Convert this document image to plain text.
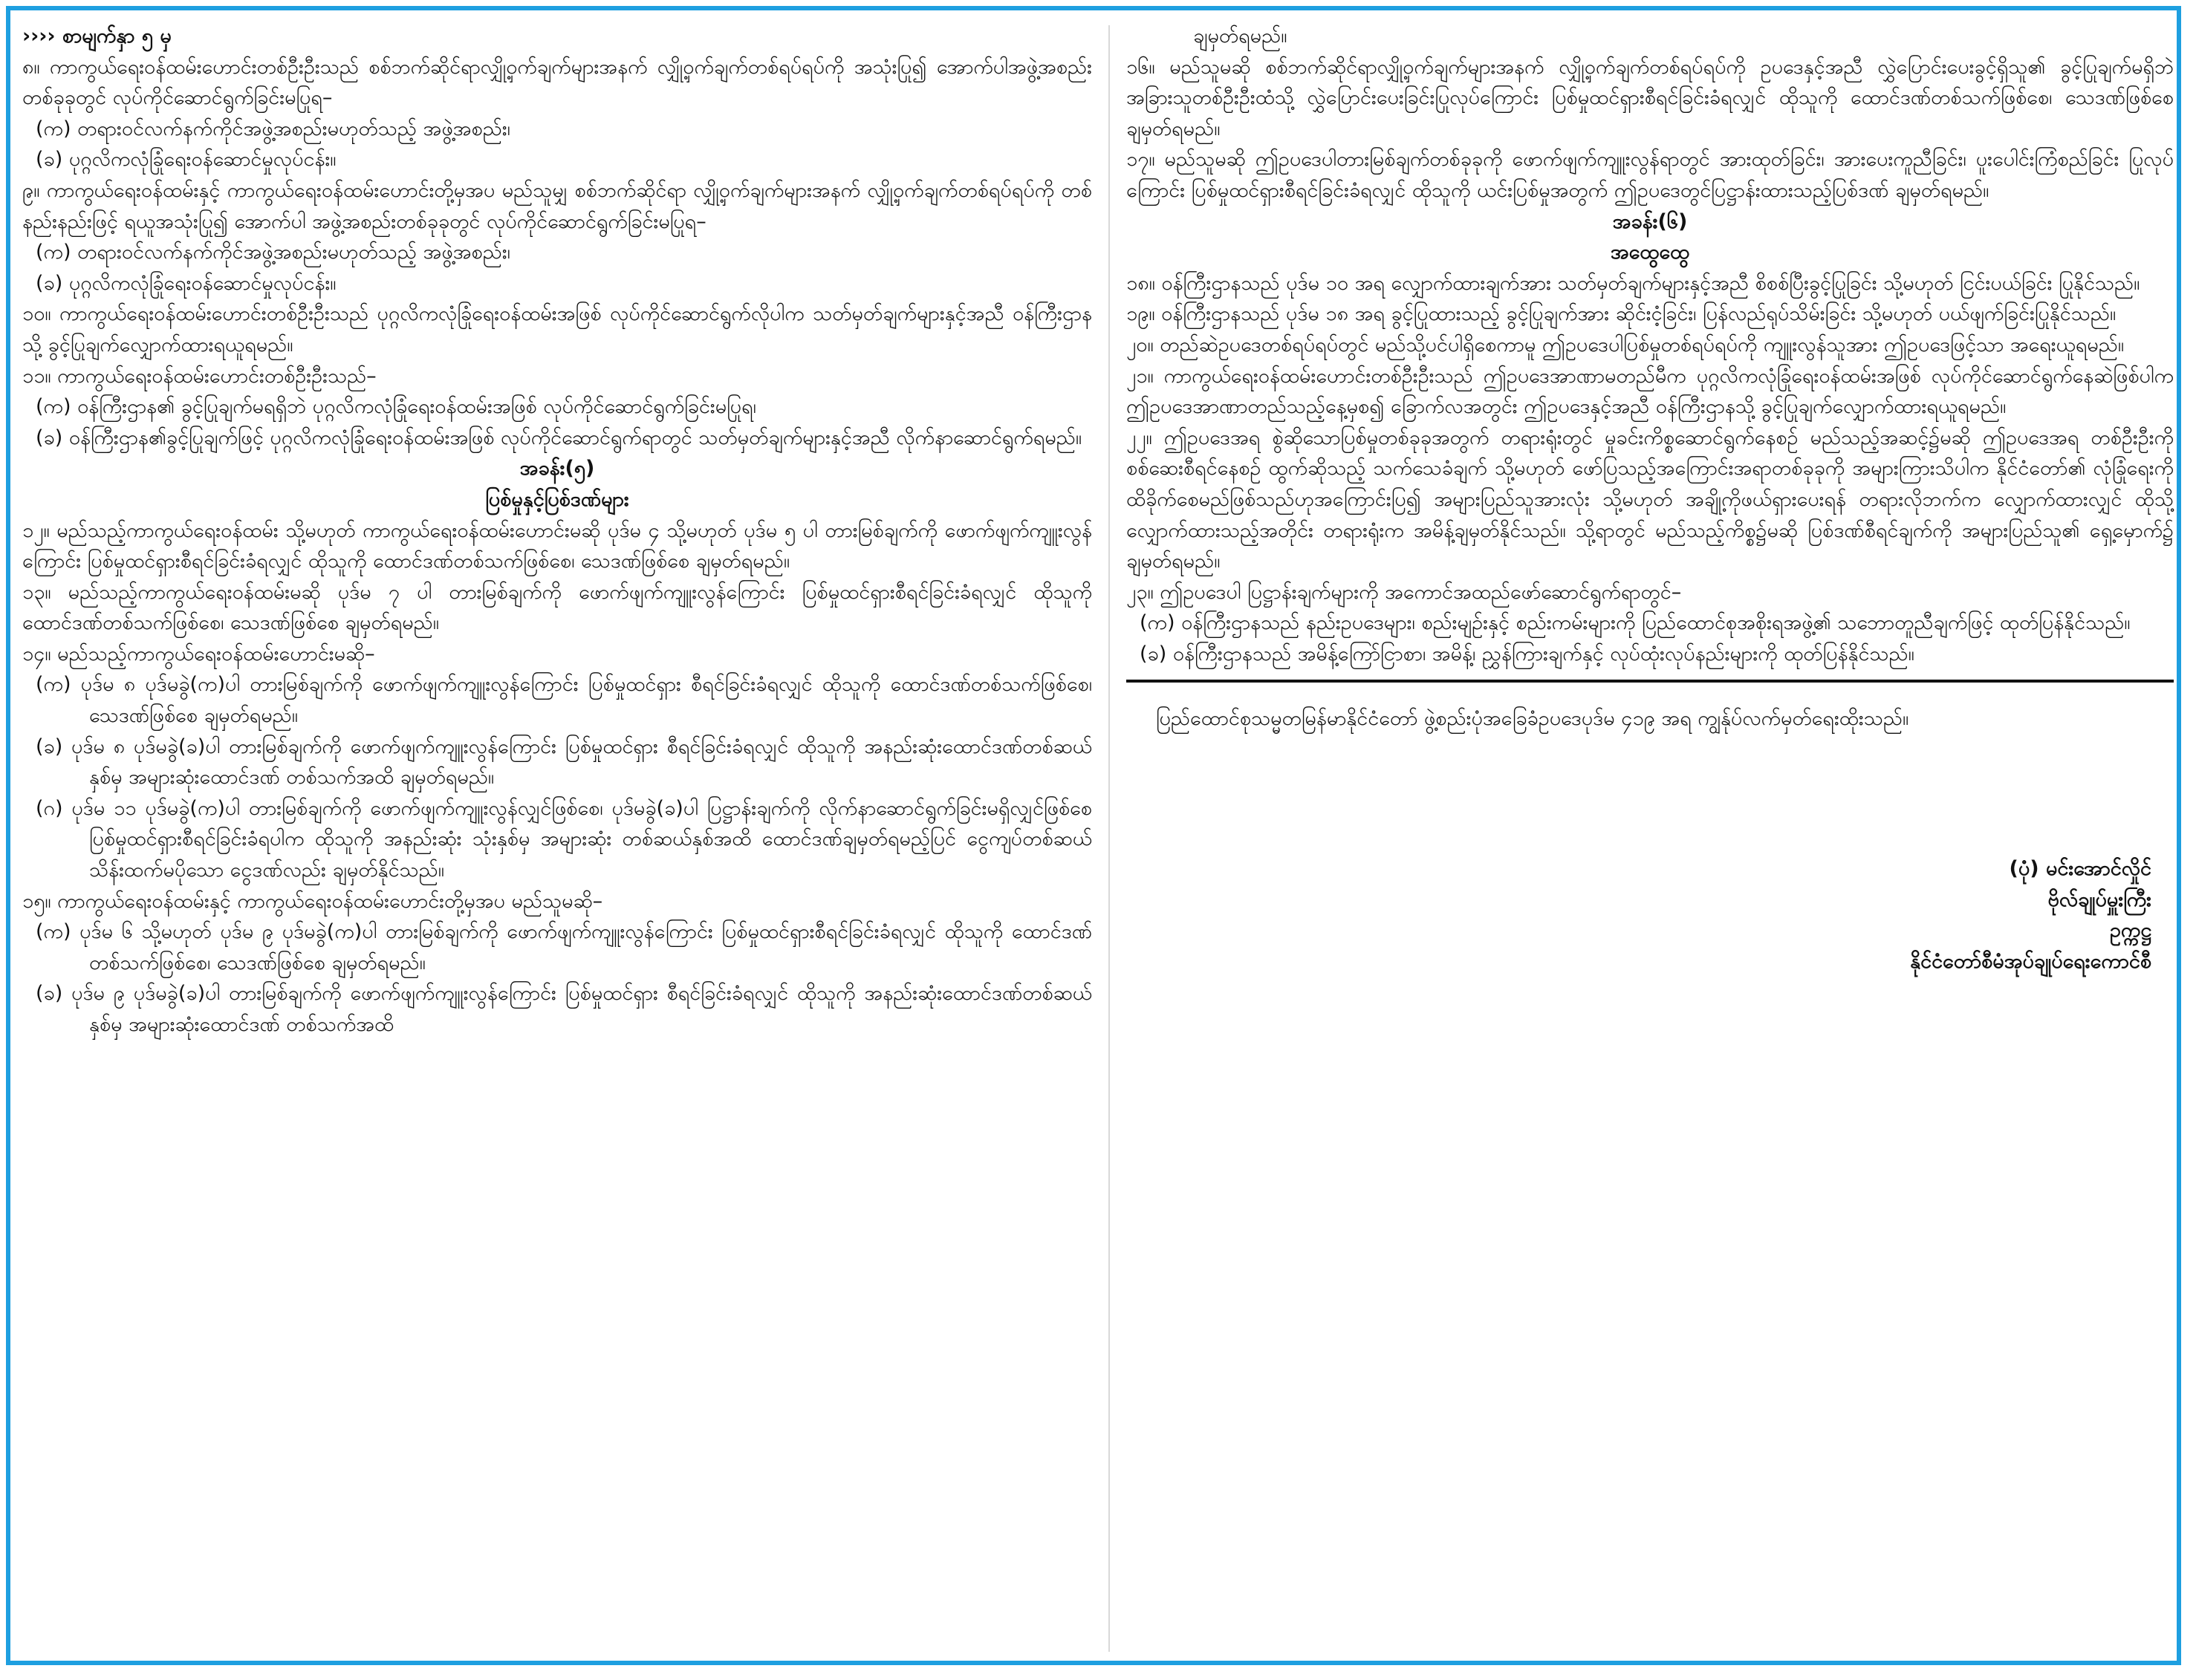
›››› စာမျက်နှာ ၅ မှ

၈။ ကာကွယ်ရေးဝန်ထမ်းဟောင်းတစ်ဦးဦးသည် စစ်ဘက်ဆိုင်ရာလျှို့ဝှက်ချက်များအနက် လျှို့ဝှက်ချက်တစ်ရပ်ရပ်ကို အသုံးပြု၍ အောက်ပါအဖွဲ့အစည်းတစ်ခုခုတွင် လုပ်ကိုင်ဆောင်ရွက်ခြင်းမပြုရ–

(က) တရားဝင်လက်နက်ကိုင်အဖွဲ့အစည်းမဟုတ်သည့် အဖွဲ့အစည်း၊

(ခ) ပုဂ္ဂလိကလုံခြုံရေးဝန်ဆောင်မှုလုပ်ငန်း။

၉။ ကာကွယ်ရေးဝန်ထမ်းနှင့် ကာကွယ်ရေးဝန်ထမ်းဟောင်းတို့မှအပ မည်သူမျှ စစ်ဘက်ဆိုင်ရာ လျှို့ဝှက်ချက်များအနက် လျှို့ဝှက်ချက်တစ်ရပ်ရပ်ကို တစ်နည်းနည်းဖြင့် ရယူအသုံးပြု၍ အောက်ပါ အဖွဲ့အစည်းတစ်ခုခုတွင် လုပ်ကိုင်ဆောင်ရွက်ခြင်းမပြုရ–

(က) တရားဝင်လက်နက်ကိုင်အဖွဲ့အစည်းမဟုတ်သည့် အဖွဲ့အစည်း၊

(ခ) ပုဂ္ဂလိကလုံခြုံရေးဝန်ဆောင်မှုလုပ်ငန်း။

၁၀။ ကာကွယ်ရေးဝန်ထမ်းဟောင်းတစ်ဦးဦးသည် ပုဂ္ဂလိကလုံခြုံရေးဝန်ထမ်းအဖြစ် လုပ်ကိုင်ဆောင်ရွက်လိုပါက သတ်မှတ်ချက်များနှင့်အညီ ဝန်ကြီးဌာနသို့ ခွင့်ပြုချက်လျှောက်ထားရယူရမည်။

၁၁။ ကာကွယ်ရေးဝန်ထမ်းဟောင်းတစ်ဦးဦးသည်–

(က) ဝန်ကြီးဌာန၏ ခွင့်ပြုချက်မရရှိဘဲ ပုဂ္ဂလိကလုံခြုံရေးဝန်ထမ်းအဖြစ် လုပ်ကိုင်ဆောင်ရွက်ခြင်းမပြုရ၊

(ခ) ဝန်ကြီးဌာန၏ခွင့်ပြုချက်ဖြင့် ပုဂ္ဂလိကလုံခြုံရေးဝန်ထမ်းအဖြစ် လုပ်ကိုင်ဆောင်ရွက်ရာတွင် သတ်မှတ်ချက်များနှင့်အညီ လိုက်နာဆောင်ရွက်ရမည်။

အခန်း(၅)

ပြစ်မှုနှင့်ပြစ်ဒဏ်များ

၁၂။ မည်သည့်ကာကွယ်ရေးဝန်ထမ်း သို့မဟုတ် ကာကွယ်ရေးဝန်ထမ်းဟောင်းမဆို ပုဒ်မ ၄ သို့မဟုတ် ပုဒ်မ ၅ ပါ တားမြစ်ချက်ကို ဖောက်ဖျက်ကျူးလွန်ကြောင်း ပြစ်မှုထင်ရှားစီရင်ခြင်းခံရလျှင် ထိုသူကို ထောင်ဒဏ်တစ်သက်ဖြစ်စေ၊ သေဒဏ်ဖြစ်စေ ချမှတ်ရမည်။

၁၃။ မည်သည့်ကာကွယ်ရေးဝန်ထမ်းမဆို ပုဒ်မ ၇ ပါ တားမြစ်ချက်ကို ဖောက်ဖျက်ကျူးလွန်ကြောင်း ပြစ်မှုထင်ရှားစီရင်ခြင်းခံရလျှင် ထိုသူကို ထောင်ဒဏ်တစ်သက်ဖြစ်စေ၊ သေဒဏ်ဖြစ်စေ ချမှတ်ရမည်။

၁၄။ မည်သည့်ကာကွယ်ရေးဝန်ထမ်းဟောင်းမဆို–

(က) ပုဒ်မ ၈ ပုဒ်မခွဲ(က)ပါ တားမြစ်ချက်ကို ဖောက်ဖျက်ကျူးလွန်ကြောင်း ပြစ်မှုထင်ရှား စီရင်ခြင်းခံရလျှင် ထိုသူကို ထောင်ဒဏ်တစ်သက်ဖြစ်စေ၊ သေဒဏ်ဖြစ်စေ ချမှတ်ရမည်။

(ခ) ပုဒ်မ ၈ ပုဒ်မခွဲ(ခ)ပါ တားမြစ်ချက်ကို ဖောက်ဖျက်ကျူးလွန်ကြောင်း ပြစ်မှုထင်ရှား စီရင်ခြင်းခံရလျှင် ထိုသူကို အနည်းဆုံးထောင်ဒဏ်တစ်ဆယ်နှစ်မှ အများဆုံးထောင်ဒဏ် တစ်သက်အထိ ချမှတ်ရမည်။

(ဂ) ပုဒ်မ ၁၁ ပုဒ်မခွဲ(က)ပါ တားမြစ်ချက်ကို ဖောက်ဖျက်ကျူးလွန်လျှင်ဖြစ်စေ၊ ပုဒ်မခွဲ(ခ)ပါ ပြဋ္ဌာန်းချက်ကို လိုက်နာဆောင်ရွက်ခြင်းမရှိလျှင်ဖြစ်စေ ပြစ်မှုထင်ရှားစီရင်ခြင်းခံရပါက ထိုသူကို အနည်းဆုံး သုံးနှစ်မှ အများဆုံး တစ်ဆယ်နှစ်အထိ ထောင်ဒဏ်ချမှတ်ရမည့်ပြင် ငွေကျပ်တစ်ဆယ်သိန်းထက်မပိုသော ငွေဒဏ်လည်း ချမှတ်နိုင်သည်။

၁၅။ ကာကွယ်ရေးဝန်ထမ်းနှင့် ကာကွယ်ရေးဝန်ထမ်းဟောင်းတို့မှအပ မည်သူမဆို–

(က) ပုဒ်မ ၆ သို့မဟုတ် ပုဒ်မ ၉ ပုဒ်မခွဲ(က)ပါ တားမြစ်ချက်ကို ဖောက်ဖျက်ကျူးလွန်ကြောင်း ပြစ်မှုထင်ရှားစီရင်ခြင်းခံရလျှင် ထိုသူကို ထောင်ဒဏ်တစ်သက်ဖြစ်စေ၊ သေဒဏ်ဖြစ်စေ ချမှတ်ရမည်။

(ခ) ပုဒ်မ ၉ ပုဒ်မခွဲ(ခ)ပါ တားမြစ်ချက်ကို ဖောက်ဖျက်ကျူးလွန်ကြောင်း ပြစ်မှုထင်ရှား စီရင်ခြင်းခံရလျှင် ထိုသူကို အနည်းဆုံးထောင်ဒဏ်တစ်ဆယ်နှစ်မှ အများဆုံးထောင်ဒဏ် တစ်သက်အထိ

ချမှတ်ရမည်။

၁၆။ မည်သူမဆို စစ်ဘက်ဆိုင်ရာလျှို့ဝှက်ချက်များအနက် လျှို့ဝှက်ချက်တစ်ရပ်ရပ်ကို ဥပဒေနှင့်အညီ လွှဲပြောင်းပေးခွင့်ရှိသူ၏ ခွင့်ပြုချက်မရှိဘဲ အခြားသူတစ်ဦးဦးထံသို့ လွှဲပြောင်းပေးခြင်းပြုလုပ်ကြောင်း ပြစ်မှုထင်ရှားစီရင်ခြင်းခံရလျှင် ထိုသူကို ထောင်ဒဏ်တစ်သက်ဖြစ်စေ၊ သေဒဏ်ဖြစ်စေ ချမှတ်ရမည်။

၁၇။ မည်သူမဆို ဤဥပဒေပါတားမြစ်ချက်တစ်ခုခုကို ဖောက်ဖျက်ကျူးလွန်ရာတွင် အားထုတ်ခြင်း၊ အားပေးကူညီခြင်း၊ ပူးပေါင်းကြံစည်ခြင်း ပြုလုပ်ကြောင်း ပြစ်မှုထင်ရှားစီရင်ခြင်းခံရလျှင် ထိုသူကို ယင်းပြစ်မှုအတွက် ဤဥပဒေတွင်ပြဋ္ဌာန်းထားသည့်ပြစ်ဒဏ် ချမှတ်ရမည်။

အခန်း(၆)

အထွေထွေ

၁၈။ ဝန်ကြီးဌာနသည် ပုဒ်မ ၁၀ အရ လျှောက်ထားချက်အား သတ်မှတ်ချက်များနှင့်အညီ စိစစ်ပြီးခွင့်ပြုခြင်း သို့မဟုတ် ငြင်းပယ်ခြင်း ပြုနိုင်သည်။

၁၉။ ဝန်ကြီးဌာနသည် ပုဒ်မ ၁၈ အရ ခွင့်ပြုထားသည့် ခွင့်ပြုချက်အား ဆိုင်းငံ့ခြင်း၊ ပြန်လည်ရုပ်သိမ်းခြင်း သို့မဟုတ် ပယ်ဖျက်ခြင်းပြုနိုင်သည်။

၂၀။ တည်ဆဲဥပဒေတစ်ရပ်ရပ်တွင် မည်သို့ပင်ပါရှိစေကာမူ ဤဥပဒေပါပြစ်မှုတစ်ရပ်ရပ်ကို ကျူးလွန်သူအား ဤဥပဒေဖြင့်သာ အရေးယူရမည်။

၂၁။ ကာကွယ်ရေးဝန်ထမ်းဟောင်းတစ်ဦးဦးသည် ဤဥပဒေအာဏာမတည်မီက ပုဂ္ဂလိကလုံခြုံရေးဝန်ထမ်းအဖြစ် လုပ်ကိုင်ဆောင်ရွက်နေဆဲဖြစ်ပါက ဤဥပဒေအာဏာတည်သည့်နေ့မှစ၍ ခြောက်လအတွင်း ဤဥပဒေနှင့်အညီ ဝန်ကြီးဌာနသို့ ခွင့်ပြုချက်လျှောက်ထားရယူရမည်။

၂၂။ ဤဥပဒေအရ စွဲဆိုသောပြစ်မှုတစ်ခုခုအတွက် တရားရုံးတွင် မှုခင်းကိစ္စဆောင်ရွက်နေစဉ် မည်သည့်အဆင့်၌မဆို ဤဥပဒေအရ တစ်ဦးဦးကို စစ်ဆေးစီရင်နေစဉ် ထွက်ဆိုသည့် သက်သေခံချက် သို့မဟုတ် ဖော်ပြသည့်အကြောင်းအရာတစ်ခုခုကို အများကြားသိပါက နိုင်ငံတော်၏ လုံခြုံရေးကိုထိခိုက်စေမည်ဖြစ်သည်ဟုအကြောင်းပြ၍ အများပြည်သူအားလုံး သို့မဟုတ် အချို့ကိုဖယ်ရှားပေးရန် တရားလိုဘက်က လျှောက်ထားလျှင် ထိုသို့လျှောက်ထားသည့်အတိုင်း တရားရုံးက အမိန့်ချမှတ်နိုင်သည်။ သို့ရာတွင် မည်သည့်ကိစ္စ၌မဆို ပြစ်ဒဏ်စီရင်ချက်ကို အများပြည်သူ၏ ရှေ့မှောက်၌ ချမှတ်ရမည်။

၂၃။ ဤဥပဒေပါ ပြဋ္ဌာန်းချက်များကို အကောင်အထည်ဖော်ဆောင်ရွက်ရာတွင်–

(က) ဝန်ကြီးဌာနသည် နည်းဥပဒေများ၊ စည်းမျဉ်းနှင့် စည်းကမ်းများကို ပြည်ထောင်စုအစိုးရအဖွဲ့၏ သဘောတူညီချက်ဖြင့် ထုတ်ပြန်နိုင်သည်။

(ခ) ဝန်ကြီးဌာနသည် အမိန့်ကြော်ငြာစာ၊ အမိန့်၊ ညွှန်ကြားချက်နှင့် လုပ်ထုံးလုပ်နည်းများကို ထုတ်ပြန်နိုင်သည်။

ပြည်ထောင်စုသမ္မတမြန်မာနိုင်ငံတော် ဖွဲ့စည်းပုံအခြေခံဥပဒေပုဒ်မ ၄၁၉ အရ ကျွန်ုပ်လက်မှတ်ရေးထိုးသည်။

(ပုံ) မင်းအောင်လှိုင်
ဗိုလ်ချုပ်မှူးကြီး
ဥက္ကဋ္ဌ
နိုင်ငံတော်စီမံအုပ်ချုပ်ရေးကောင်စီ
